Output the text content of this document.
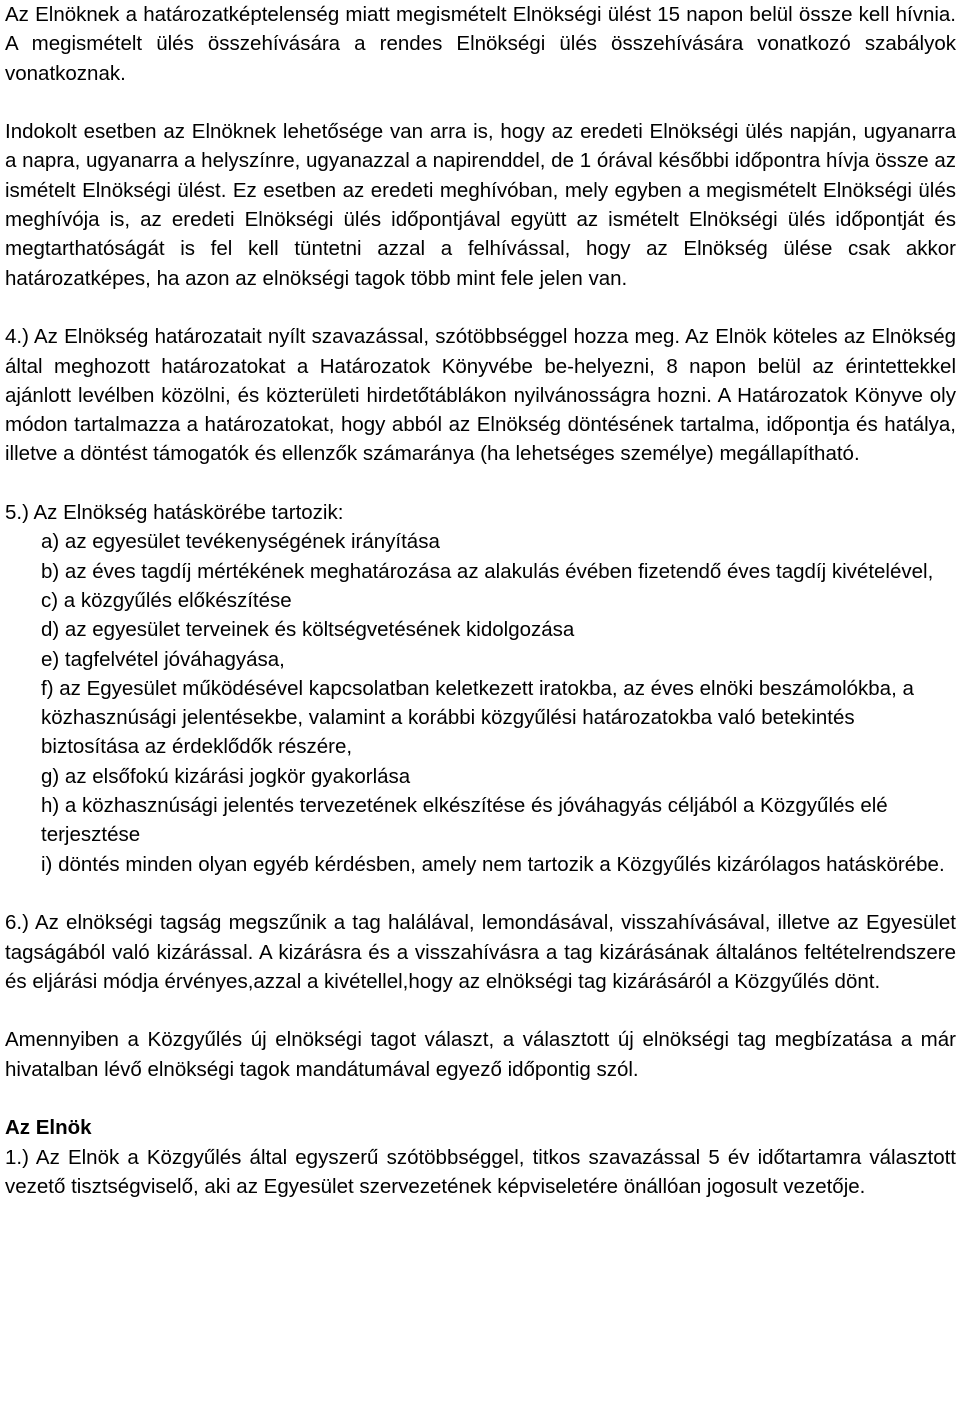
Az Elnöknek a határozatképtelenség miatt megismételt Elnökségi ülést 15 napon belül össze kell hívnia. A megismételt ülés összehívására a rendes Elnökségi ülés összehívására vonatkozó szabályok vonatkoznak.

Indokolt esetben az Elnöknek lehetősége van arra is, hogy az eredeti Elnökségi ülés napján, ugyanarra a napra, ugyanarra a helyszínre, ugyanazzal a napirenddel, de 1 órával későbbi időpontra hívja össze az ismételt Elnökségi ülést. Ez esetben az eredeti meghívóban, mely egyben a megismételt Elnökségi ülés meghívója is, az eredeti Elnökségi ülés időpontjával együtt az ismételt Elnökségi ülés időpontját és megtarthatóságát is fel kell tüntetni azzal a felhívással, hogy az Elnökség ülése csak akkor határozatképes, ha azon az elnökségi tagok több mint fele jelen van.

4.) Az Elnökség határozatait nyílt szavazással, szótöbbséggel hozza meg. Az Elnök köteles az Elnökség által meghozott határozatokat a Határozatok Könyvébe be-helyezni, 8 napon belül az érintettekkel ajánlott levélben közölni, és közterületi hirdetőtáblákon nyilvánosságra hozni. A Határozatok Könyve oly módon tartalmazza a határozatokat, hogy abból az Elnökség döntésének tartalma, időpontja és hatálya, illetve a döntést támogatók és ellenzők számaránya (ha lehetséges személye) megállapítható.

5.) Az Elnökség hatáskörébe tartozik:

a) az egyesület tevékenységének irányítása
b) az éves tagdíj mértékének meghatározása az alakulás évében fizetendő éves tagdíj kivételével,
c) a közgyűlés előkészítése
d) az egyesület terveinek és költségvetésének kidolgozása
e) tagfelvétel jóváhagyása,
f) az Egyesület működésével kapcsolatban keletkezett iratokba, az éves elnöki beszámolókba, a közhasznúsági jelentésekbe, valamint a korábbi közgyűlési határozatokba való betekintés biztosítása az érdeklődők részére,
g) az elsőfokú kizárási jogkör gyakorlása
h) a közhasznúsági jelentés tervezetének elkészítése és jóváhagyás céljából a Közgyűlés elé terjesztése
i) döntés minden olyan egyéb kérdésben, amely nem tartozik a Közgyűlés kizárólagos hatáskörébe.

6.) Az elnökségi tagság megszűnik a tag halálával, lemondásával, visszahívásával, illetve az Egyesület tagságából való kizárással. A kizárásra és a visszahívásra a tag kizárásának általános feltételrendszere és eljárási módja érvényes,azzal a kivétellel,hogy az elnökségi tag kizárásáról a Közgyűlés dönt.

Amennyiben a Közgyűlés új elnökségi tagot választ, a választott új elnökségi tag megbízatása a már hivatalban lévő elnökségi tagok mandátumával egyező időpontig szól.

Az Elnök

1.) Az Elnök a Közgyűlés által egyszerű szótöbbséggel, titkos szavazással 5 év időtartamra választott vezető tisztségviselő, aki az Egyesület szervezetének képviseletére önállóan jogosult vezetője.
